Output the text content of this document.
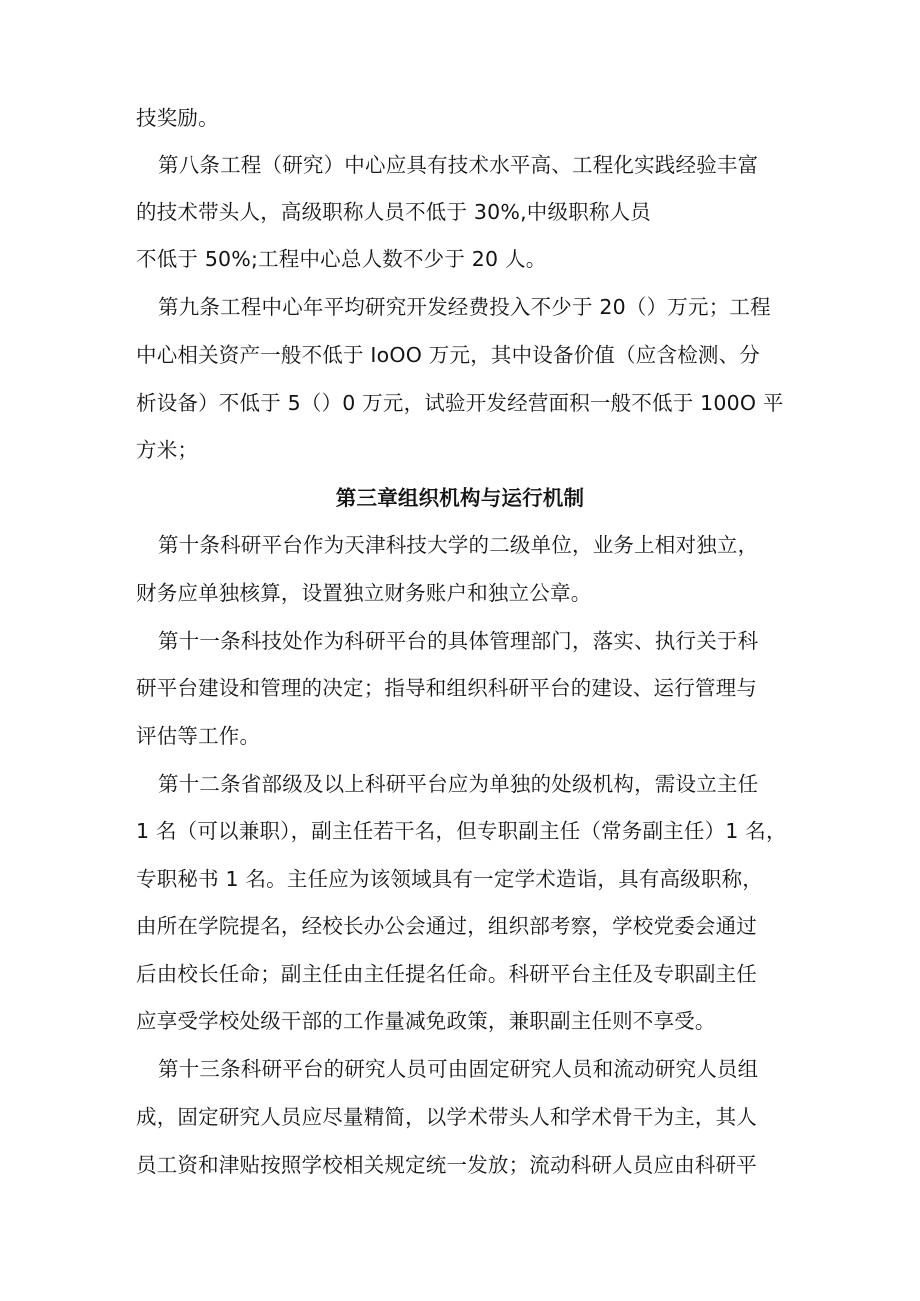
技奖励。
第八条工程（研究）中心应具有技术水平高、工程化实践经验丰富
的技术带头人，高级职称人员不低于 30%,中级职称人员
不低于 50%;工程中心总人数不少于 20 人。
第九条工程中心年平均研究开发经费投入不少于 20（）万元；工程
中心相关资产一般不低于 IoOO 万元，其中设备价值（应含检测、分
析设备）不低于 5（）0 万元，试验开发经营面积一般不低于 100O 平
方米；
第三章组织机构与运行机制
第十条科研平台作为天津科技大学的二级单位，业务上相对独立，
财务应单独核算，设置独立财务账户和独立公章。
第十一条科技处作为科研平台的具体管理部门，落实、执行关于科
研平台建设和管理的决定；指导和组织科研平台的建设、运行管理与
评估等工作。
第十二条省部级及以上科研平台应为单独的处级机构，需设立主任
1 名（可以兼职），副主任若干名，但专职副主任（常务副主任）1 名，
专职秘书 1 名。主任应为该领域具有一定学术造诣，具有高级职称，
由所在学院提名，经校长办公会通过，组织部考察，学校党委会通过
后由校长任命；副主任由主任提名任命。科研平台主任及专职副主任
应享受学校处级干部的工作量减免政策，兼职副主任则不享受。
第十三条科研平台的研究人员可由固定研究人员和流动研究人员组
成，固定研究人员应尽量精简，以学术带头人和学术骨干为主，其人
员工资和津贴按照学校相关规定统一发放；流动科研人员应由科研平
